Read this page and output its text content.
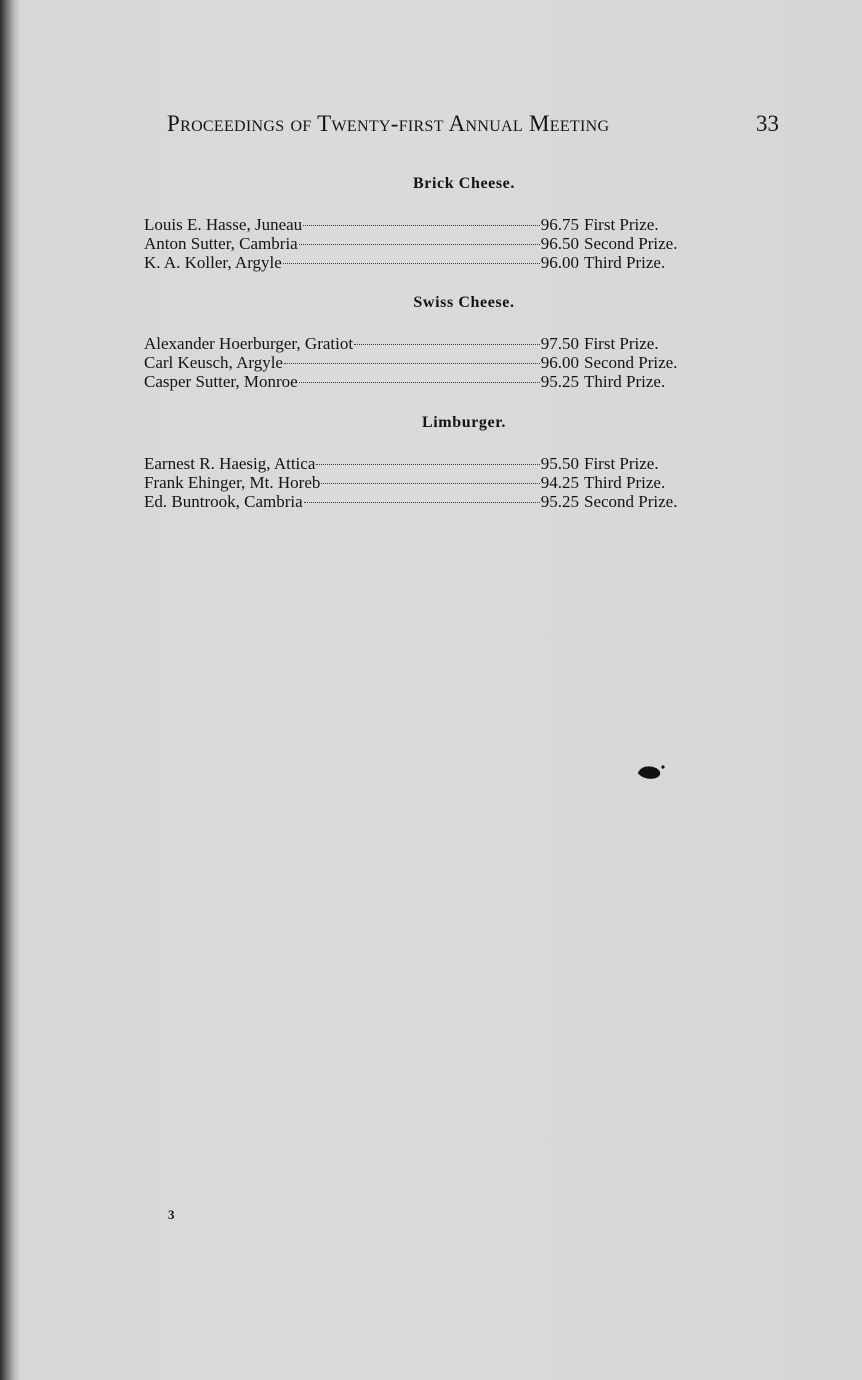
Proceedings of Twenty-first Annual Meeting	33
Brick Cheese.
Louis E. Hasse, Juneau	96.75 First Prize.
Anton Sutter, Cambria	96.50 Second Prize.
K. A. Koller, Argyle	96.00 Third Prize.
Swiss Cheese.
Alexander Hoerburger, Gratiot	97.50 First Prize.
Carl Keusch, Argyle	96.00 Second Prize.
Casper Sutter, Monroe	95.25 Third Prize.
Limburger.
Earnest R. Haesig, Attica	95.50 First Prize.
Frank Ehinger, Mt. Horeb	94.25 Third Prize.
Ed. Buntrook, Cambria	95.25 Second Prize.
3
